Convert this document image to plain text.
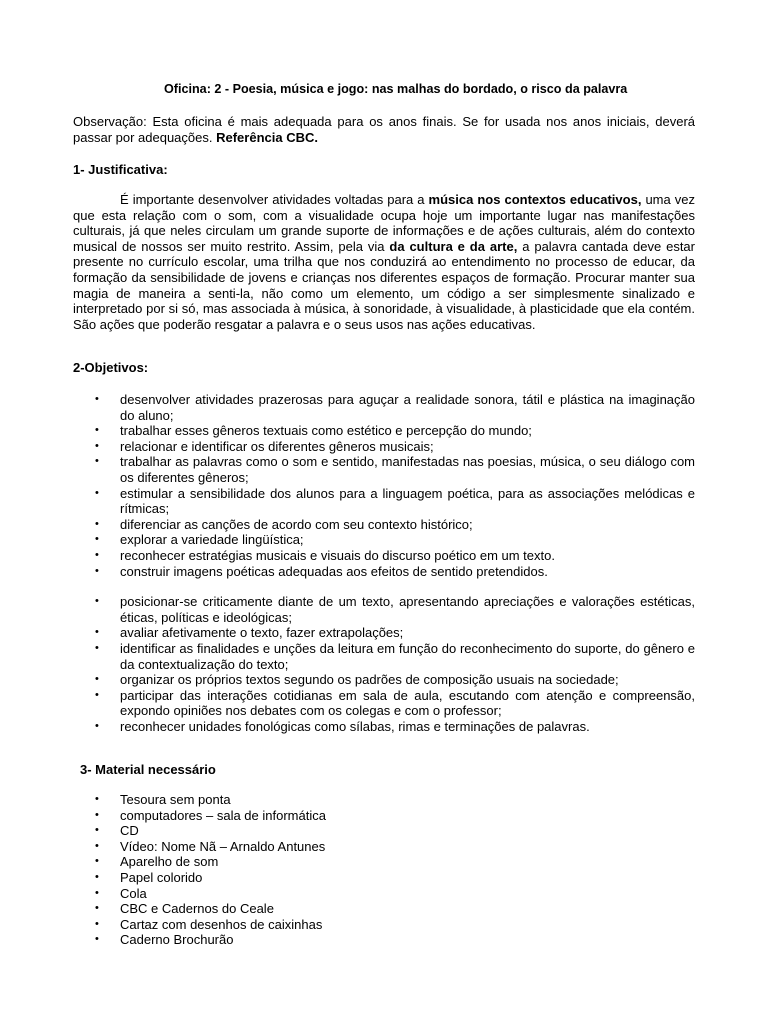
Oficina: 2 - Poesia, música e jogo: nas malhas do bordado, o risco da palavra
Observação: Esta oficina é mais adequada para os anos finais. Se for usada nos anos iniciais, deverá passar por adequações. Referência CBC.
1- Justificativa:
É importante desenvolver atividades voltadas para a música nos contextos educativos, uma vez que esta relação com o som, com a visualidade ocupa hoje um importante lugar nas manifestações culturais, já que neles circulam um grande suporte de informações e de ações culturais, além do contexto musical de nossos ser muito restrito. Assim, pela via da cultura e da arte, a palavra cantada deve estar presente no currículo escolar, uma trilha que nos conduzirá ao entendimento no processo de educar, da formação da sensibilidade de jovens e crianças nos diferentes espaços de formação. Procurar manter sua magia de maneira a senti-la, não como um elemento, um código a ser simplesmente sinalizado e interpretado por si só, mas associada à música, à sonoridade, à visualidade, à plasticidade que ela contém. São ações que poderão resgatar a palavra e o seus usos nas ações educativas.
2-Objetivos:
• desenvolver atividades prazerosas para aguçar a realidade sonora, tátil e plástica na imaginação do aluno;
• trabalhar esses gêneros textuais como estético e percepção do mundo;
• relacionar e identificar os diferentes gêneros musicais;
• trabalhar as palavras como o som e sentido, manifestadas nas poesias, música, o seu diálogo com os diferentes gêneros;
• estimular a sensibilidade dos alunos para a linguagem poética, para as associações melódicas e rítmicas;
• diferenciar as canções de acordo com seu contexto histórico;
• explorar a variedade lingüística;
• reconhecer estratégias musicais e visuais do discurso poético em um texto.
• construir imagens poéticas adequadas aos efeitos de sentido pretendidos.
• posicionar-se criticamente diante de um texto, apresentando apreciações e valorações estéticas, éticas, políticas e ideológicas;
• avaliar afetivamente o texto, fazer extrapolações;
• identificar as finalidades e unções da leitura em função do reconhecimento do suporte, do gênero e da contextualização do texto;
• organizar os próprios textos segundo os padrões de composição usuais na sociedade;
• participar das interações cotidianas em sala de aula, escutando com atenção e compreensão, expondo opiniões nos debates com os colegas e com o professor;
• reconhecer unidades fonológicas como sílabas, rimas e terminações de palavras.
3- Material necessário
• Tesoura sem ponta
• computadores – sala de informática
• CD
• Vídeo: Nome Nã – Arnaldo Antunes
• Aparelho de som
• Papel colorido
• Cola
• CBC e Cadernos do Ceale
• Cartaz com desenhos de caixinhas
• Caderno Brochurão
